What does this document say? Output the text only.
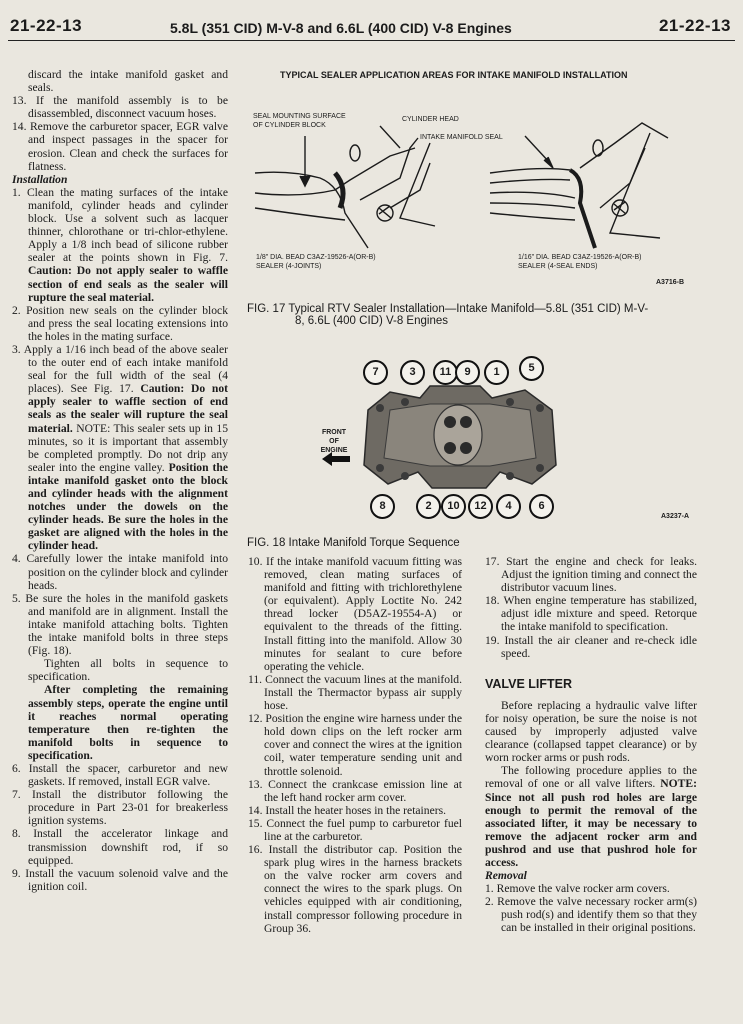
21-22-13	5.8L (351 CID) M-V-8 and 6.6L (400 CID) V-8 Engines	21-22-13
TYPICAL SEALER APPLICATION AREAS FOR INTAKE MANIFOLD INSTALLATION
SEAL MOUNTING SURFACE
OF CYLINDER BLOCK
CYLINDER HEAD
INTAKE MANIFOLD SEAL
1/8" DIA. BEAD C3AZ-19526-A(OR-B)
SEALER (4-JOINTS)
1/16" DIA. BEAD C3AZ-19526-A(OR-B)
SEALER (4-SEAL ENDS)
A3716-B
FIG. 17 Typical RTV Sealer Installation—Intake Manifold—5.8L (351 CID) M-V-
8, 6.6L (400 CID) V-8 Engines
FRONT
OF
ENGINE
7	3	11	9	1	5
8	2	10	12	4	6
A3237-A
FIG. 18 Intake Manifold Torque Sequence

discard the intake manifold gasket and seals.

13. If the manifold assembly is to be disassembled, disconnect vacuum hoses.

14. Remove the carburetor spacer, EGR valve and inspect passages in the spacer for erosion. Clean and check the surfaces for flatness.

Installation

1. Clean the mating surfaces of the intake manifold, cylinder heads and cylinder block. Use a solvent such as lacquer thinner, chlorothane or tri-chlor-ethylene. Apply a 1/8 inch bead of silicone rubber sealer at the points shown in Fig. 7. Caution: Do not apply sealer to waffle section of end seals as the sealer will rupture the seal material.

2. Position new seals on the cylinder block and press the seal locating extensions into the holes in the mating surface.

3. Apply a 1/16 inch bead of the above sealer to the outer end of each intake manifold seal for the full width of the seal (4 places). See Fig. 17. Caution: Do not apply sealer to waffle section of end seals as the sealer will rupture the seal material. NOTE: This sealer sets up in 15 minutes, so it is important that assembly be completed promptly. Do not drip any sealer into the engine valley. Position the intake manifold gasket onto the block and cylinder heads with the alignment notches under the dowels on the cylinder heads. Be sure the holes in the gasket are aligned with the holes in the cylinder head.

4. Carefully lower the intake manifold into position on the cylinder block and cylinder heads.

5. Be sure the holes in the manifold gaskets and manifold are in alignment. Install the intake manifold attaching bolts. Tighten the intake manifold bolts in three steps (Fig. 18).

Tighten all bolts in sequence to specification.

After completing the remaining assembly steps, operate the engine until it reaches normal operating temperature then re-tighten the manifold bolts in sequence to specification.

6. Install the spacer, carburetor and new gaskets. If removed, install EGR valve.

7. Install the distributor following the procedure in Part 23-01 for breakerless ignition systems.

8. Install the accelerator linkage and transmission downshift rod, if so equipped.

9. Install the vacuum solenoid valve and the ignition coil.

10. If the intake manifold vacuum fitting was removed, clean mating surfaces of manifold and fitting with trichlorethylene (or equivalent). Apply Loctite No. 242 thread locker (D5AZ-19554-A) or equivalent to the threads of the fitting. Install fitting into the manifold. Allow 30 minutes for sealant to cure before operating the vehicle.

11. Connect the vacuum lines at the manifold. Install the Thermactor bypass air supply hose.

12. Position the engine wire harness under the hold down clips on the left rocker arm cover and connect the wires at the ignition coil, water temperature sending unit and throttle solenoid.

13. Connect the crankcase emission line at the left hand rocker arm cover.

14. Install the heater hoses in the retainers.

15. Connect the fuel pump to carburetor fuel line at the carburetor.

16. Install the distributor cap. Position the spark plug wires in the harness brackets on the valve rocker arm covers and connect the wires to the spark plugs. On vehicles equipped with air conditioning, install compressor following procedure in Group 36.

17. Start the engine and check for leaks. Adjust the ignition timing and connect the distributor vacuum lines.

18. When engine temperature has stabilized, adjust idle mixture and speed. Retorque the intake manifold to specification.

19. Install the air cleaner and re-check idle speed.

VALVE LIFTER

Before replacing a hydraulic valve lifter for noisy operation, be sure the noise is not caused by improperly adjusted valve clearance (collapsed tappet clearance) or by worn rocker arms or push rods.

The following procedure applies to the removal of one or all valve lifters. NOTE: Since not all push rod holes are large enough to permit the removal of the associated lifter, it may be necessary to remove the adjacent rocker arm and pushrod and use that pushrod hole for access.

Removal

1. Remove the valve rocker arm covers.

2. Remove the valve necessary rocker arm(s) push rod(s) and identify them so that they can be installed in their original positions.
